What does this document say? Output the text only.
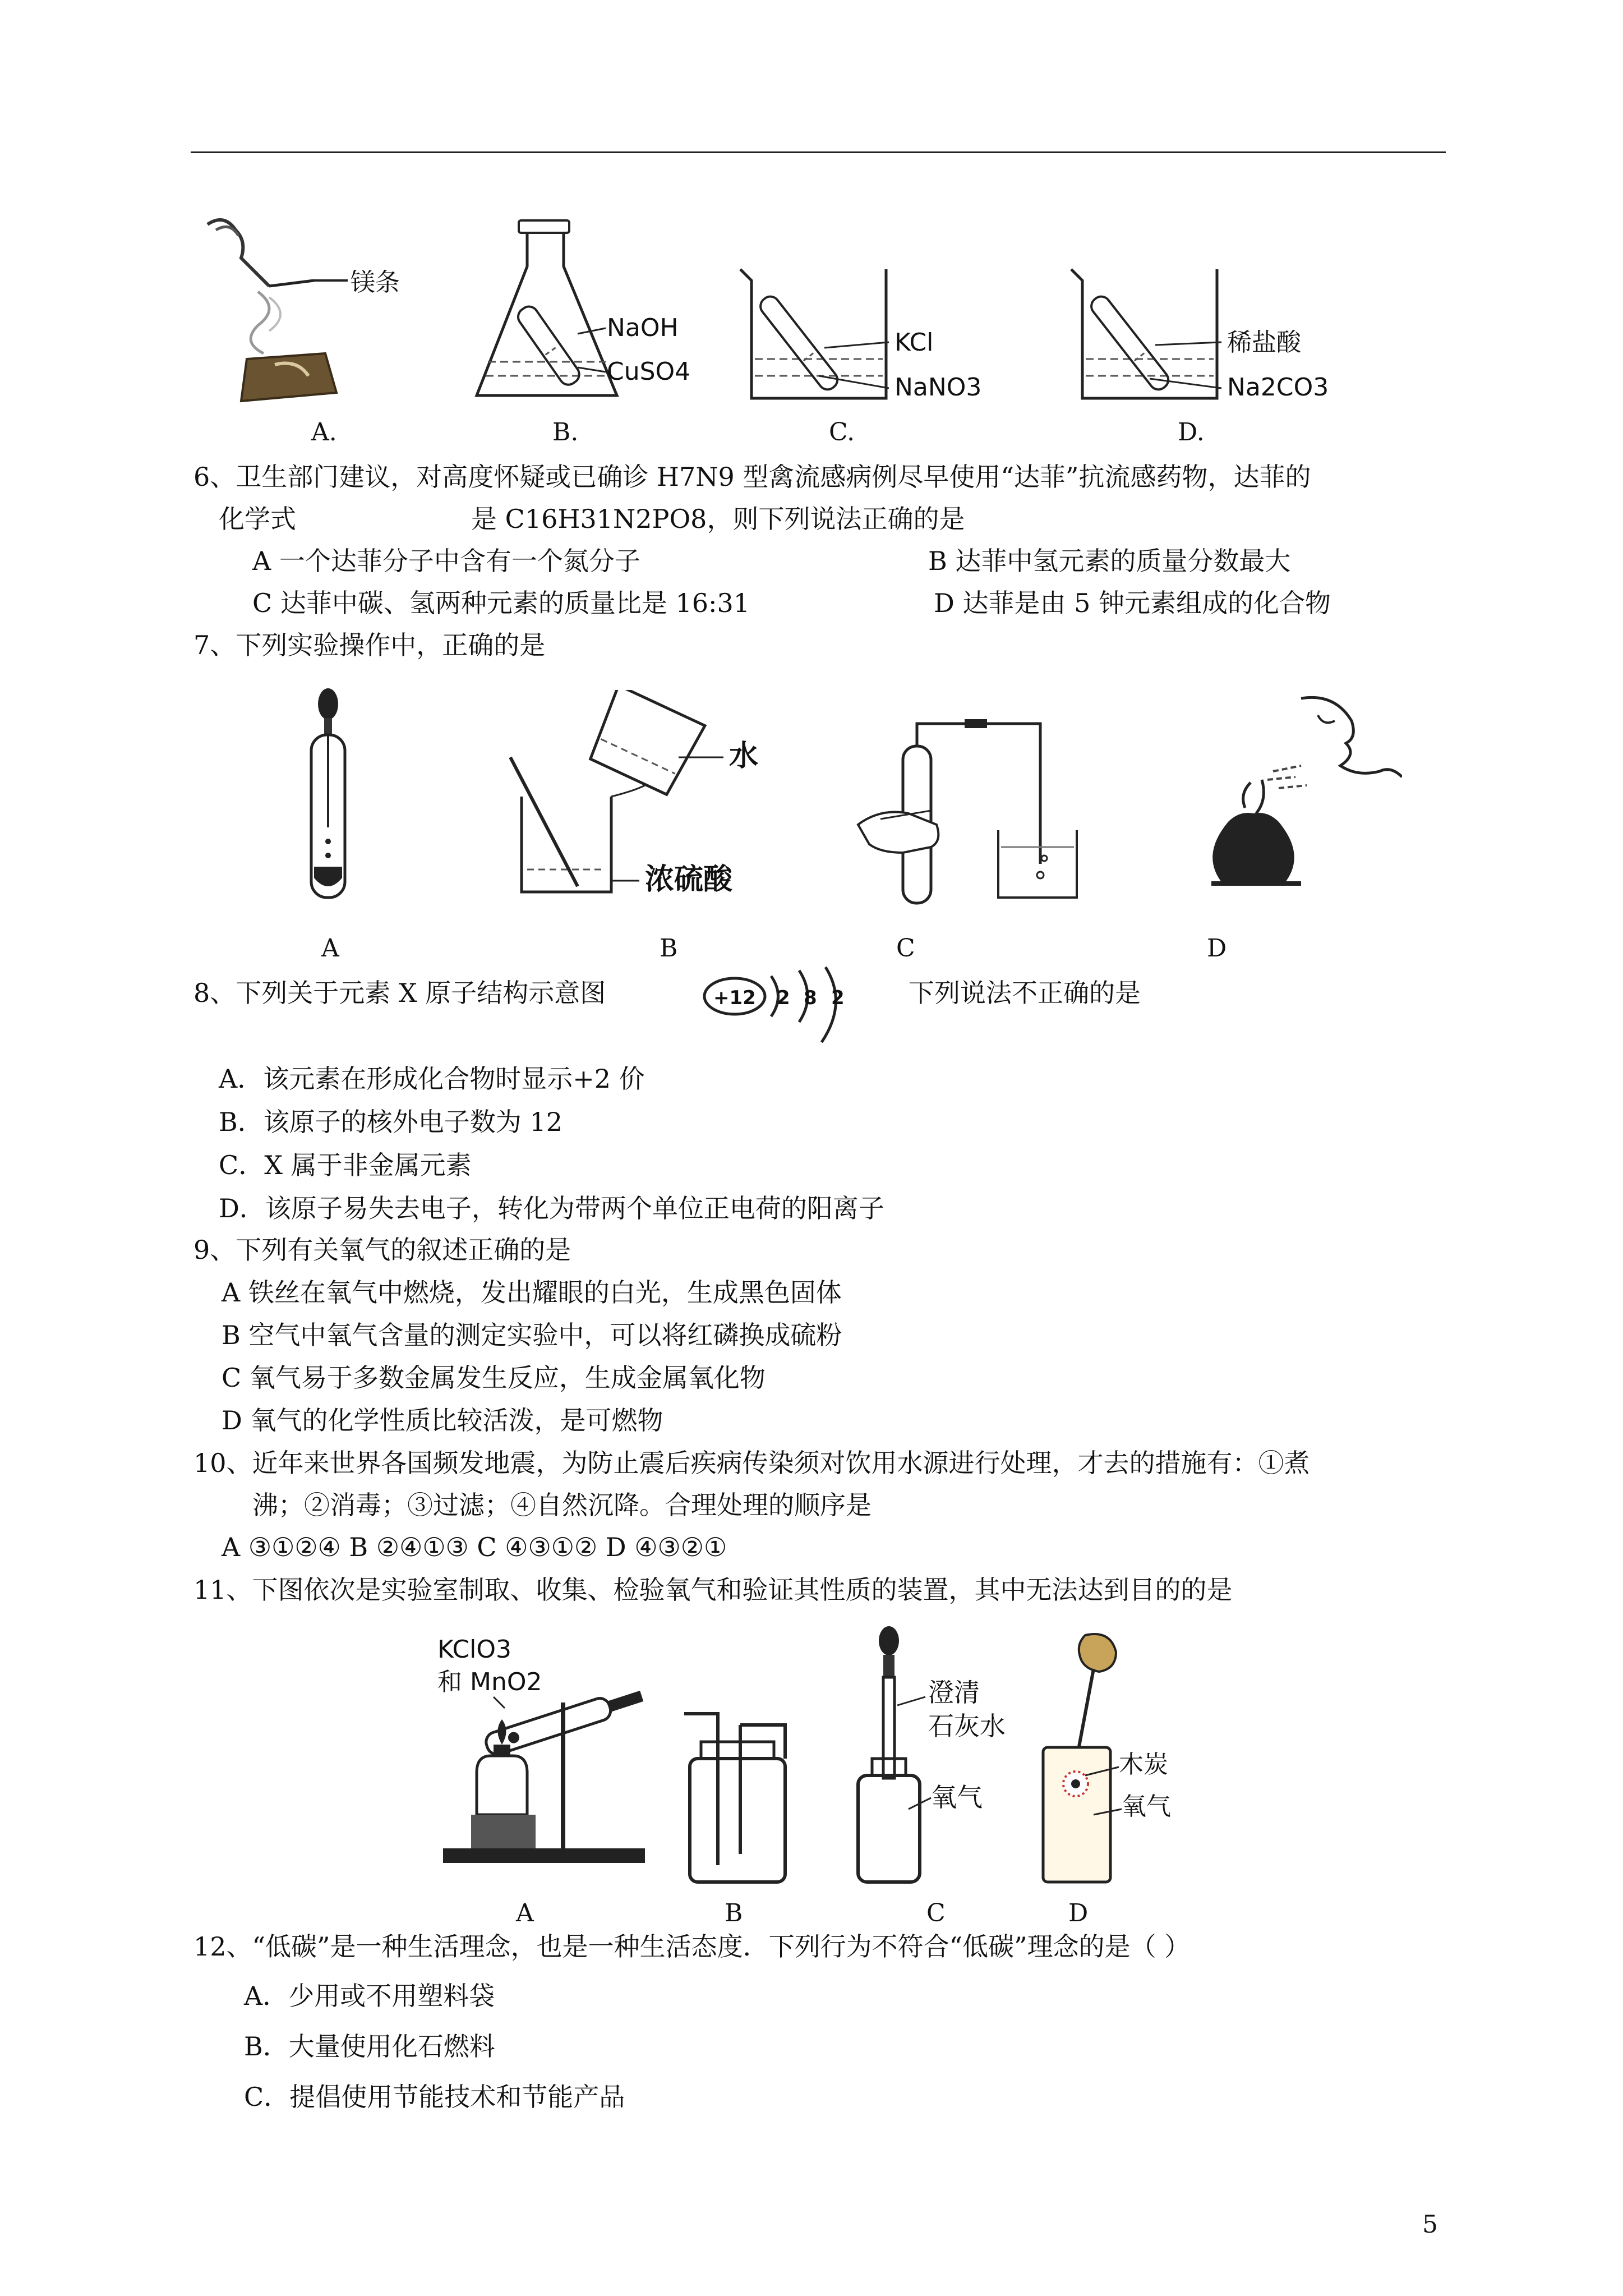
镁条
A.
NaOH
CuSO4
B.
KCl
NaNO3
C.
稀盐酸
Na2CO3
D.
6、卫生部门建议，对高度怀疑或已确诊 H7N9 型禽流感病例尽早使用“达菲”抗流感药物，达菲的
化学式	是 C16H31N2PO8，则下列说法正确的是
A 一个达菲分子中含有一个氮分子	B 达菲中氢元素的质量分数最大
C 达菲中碳、氢两种元素的质量比是 16:31	D 达菲是由 5 钟元素组成的化合物
7、下列实验操作中，正确的是
A
水
浓硫酸
B	C	D
8、下列关于元素 X 原子结构示意图	+12 2 8 2 下列说法不正确的是
A．该元素在形成化合物时显示+2 价
B．该原子的核外电子数为 12
C．X 属于非金属元素
D．该原子易失去电子，转化为带两个单位正电荷的阳离子
9、下列有关氧气的叙述正确的是
A 铁丝在氧气中燃烧，发出耀眼的白光，生成黑色固体
B 空气中氧气含量的测定实验中，可以将红磷换成硫粉
C 氧气易于多数金属发生反应，生成金属氧化物
D 氧气的化学性质比较活泼，是可燃物
10、近年来世界各国频发地震，为防止震后疾病传染须对饮用水源进行处理，才去的措施有：①煮
沸；②消毒；③过滤；④自然沉降。合理处理的顺序是
A ③①②④ B ②④①③ C ④③①② D ④③②①
11、下图依次是实验室制取、收集、检验氧气和验证其性质的装置，其中无法达到目的的是
KClO3
和 MnO2
A	B
澄清
石灰水
氧气
C
木炭
氧气
D
12、“低碳”是一种生活理念，也是一种生活态度．下列行为不符合“低碳”理念的是（ ）
A．少用或不用塑料袋
B．大量使用化石燃料
C．提倡使用节能技术和节能产品
5
